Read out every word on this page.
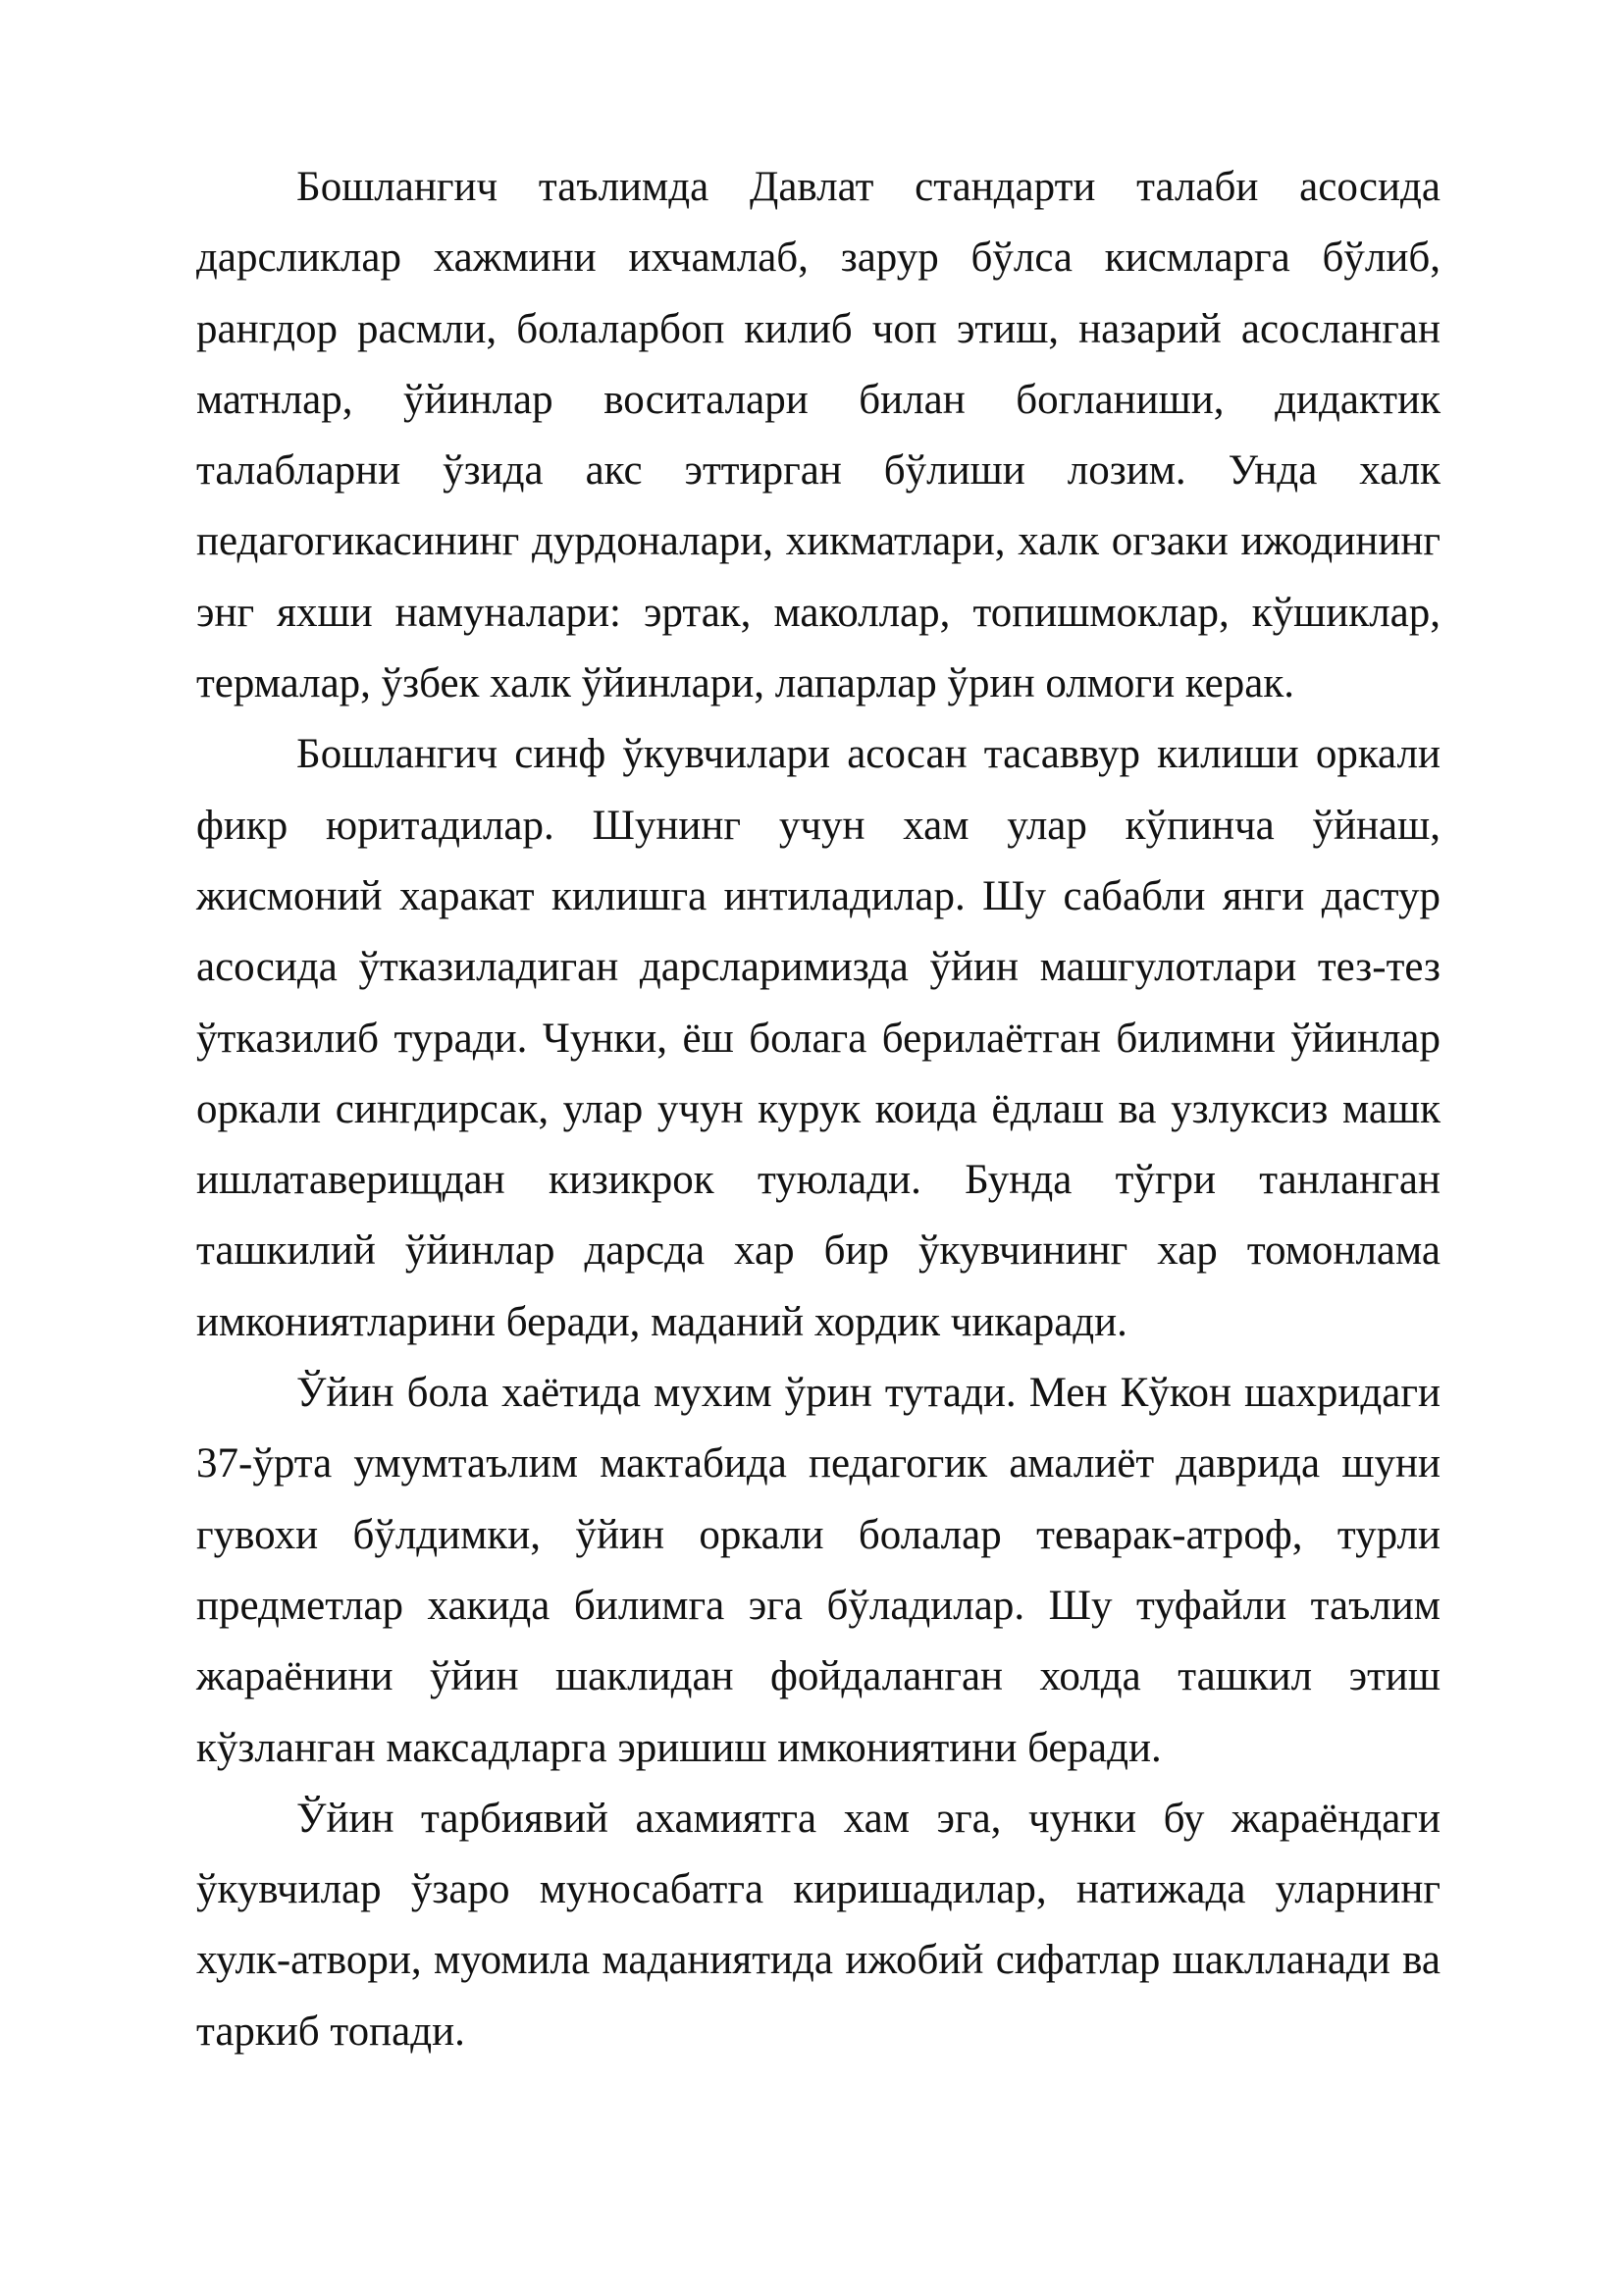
Бошлангич таълимда Давлат стандарти талаби асосида дарсликлар хажмини ихчамлаб, зарур бўлса кисмларга бўлиб, рангдор расмли, болаларбоп килиб чоп этиш, назарий асосланган матнлар, ўйинлар воситалари билан богланиши, дидактик талабларни ўзида акс эттирган бўлиши лозим. Унда халк педагогикасининг дурдоналари, хикматлари, халк огзаки ижодининг энг яхши намуналари: эртак, маколлар, топишмоклар, кўшиклар, термалар, ўзбек халк ўйинлари, лапарлар ўрин олмоги керак.

Бошлангич синф ўкувчилари асосан тасаввур килиши оркали фикр юритадилар. Шунинг учун хам улар кўпинча ўйнаш, жисмоний харакат килишга интиладилар. Шу сабабли янги дастур асосида ўтказиладиган дарсларимизда ўйин машгулотлари тез-тез ўтказилиб туради. Чунки, ёш болага берилаётган билимни ўйинлар оркали сингдирсак, улар учун курук коида ёдлаш ва узлуксиз машк ишлатаверищдан кизикрок туюлади. Бунда тўгри танланган ташкилий ўйинлар дарсда хар бир ўкувчининг хар томонлама имкониятларини беради, маданий хордик чикаради.

Ўйин бола хаётида мухим ўрин тутади. Мен Кўкон шахридаги 37-ўрта умумтаълим мактабида педагогик амалиёт даврида шуни гувохи бўлдимки, ўйин оркали болалар теварак-атроф, турли предметлар хакида билимга эга бўладилар. Шу туфайли таълим жараёнини ўйин шаклидан фойдаланган холда ташкил этиш кўзланган максадларга эришиш имкониятини беради.

Ўйин тарбиявий ахамиятга хам эга, чунки бу жараёндаги ўкувчилар ўзаро муносабатга киришадилар, натижада уларнинг хулк-атвори, муомила маданиятида ижобий сифатлар шаклланади ва таркиб топади.
